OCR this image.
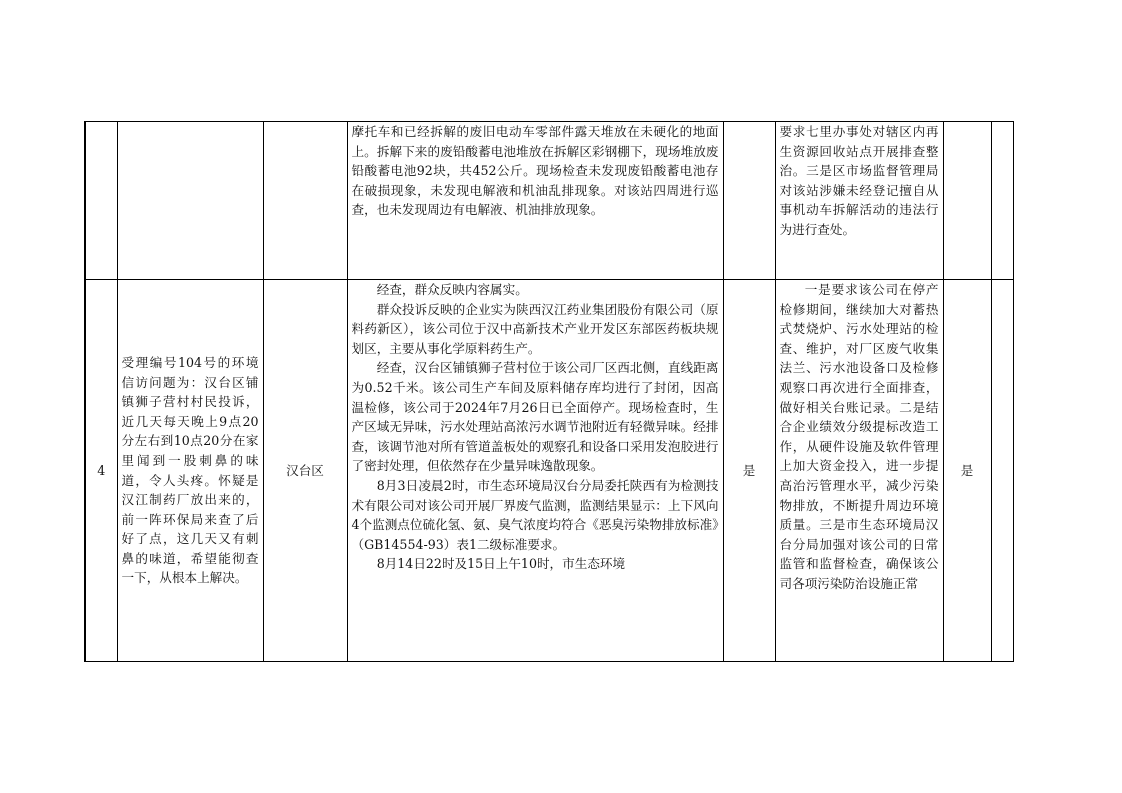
			摩托车和已经拆解的废旧电动车零部件露天堆放在未硬化的地面上。拆解下来的废铅酸蓄电池堆放在拆解区彩钢棚下，现场堆放废铅酸蓄电池92块，共452公斤。现场检查未发现废铅酸蓄电池存在破损现象，未发现电解液和机油乱排现象。对该站四周进行巡查，也未发现周边有电解液、机油排放现象。		要求七里办事处对辖区内再生资源回收站点开展排查整治。三是区市场监督管理局对该站涉嫌未经登记擅自从事机动车拆解活动的违法行为进行查处。		

4	受理编号104号的环境信访问题为：汉台区铺镇狮子营村村民投诉，近几天每天晚上9点20分左右到10点20分在家里闻到一股刺鼻的味道，令人头疼。怀疑是汉江制药厂放出来的，前一阵环保局来查了后好了点，这几天又有刺鼻的味道，希望能彻查一下，从根本上解决。	汉台区	经查，群众反映内容属实。

群众投诉反映的企业实为陕西汉江药业集团股份有限公司（原料药新区），该公司位于汉中高新技术产业开发区东部医药板块规划区，主要从事化学原料药生产。

经查，汉台区铺镇狮子营村位于该公司厂区西北侧，直线距离为0.52千米。该公司生产车间及原料储存库均进行了封闭，因高温检修，该公司于2024年7月26日已全面停产。现场检查时，生产区域无异味，污水处理站高浓污水调节池附近有轻微异味。经排查，该调节池对所有管道盖板处的观察孔和设备口采用发泡胶进行了密封处理，但依然存在少量异味逸散现象。

8月3日凌晨2时，市生态环境局汉台分局委托陕西有为检测技术有限公司对该公司开展厂界废气监测，监测结果显示：上下风向4个监测点位硫化氢、氨、臭气浓度均符合《恶臭污染物排放标准》（GB14554-93）表1二级标准要求。

8月14日22时及15日上午10时，市生态环境	是	一是要求该公司在停产检修期间，继续加大对蓄热式焚烧炉、污水处理站的检查、维护，对厂区废气收集法兰、污水池设备口及检修观察口再次进行全面排查，做好相关台账记录。二是结合企业绩效分级提标改造工作，从硬件设施及软件管理上加大资金投入，进一步提高治污管理水平，减少污染物排放，不断提升周边环境质量。三是市生态环境局汉台分局加强对该公司的日常监管和监督检查，确保该公司各项污染防治设施正常	是	
